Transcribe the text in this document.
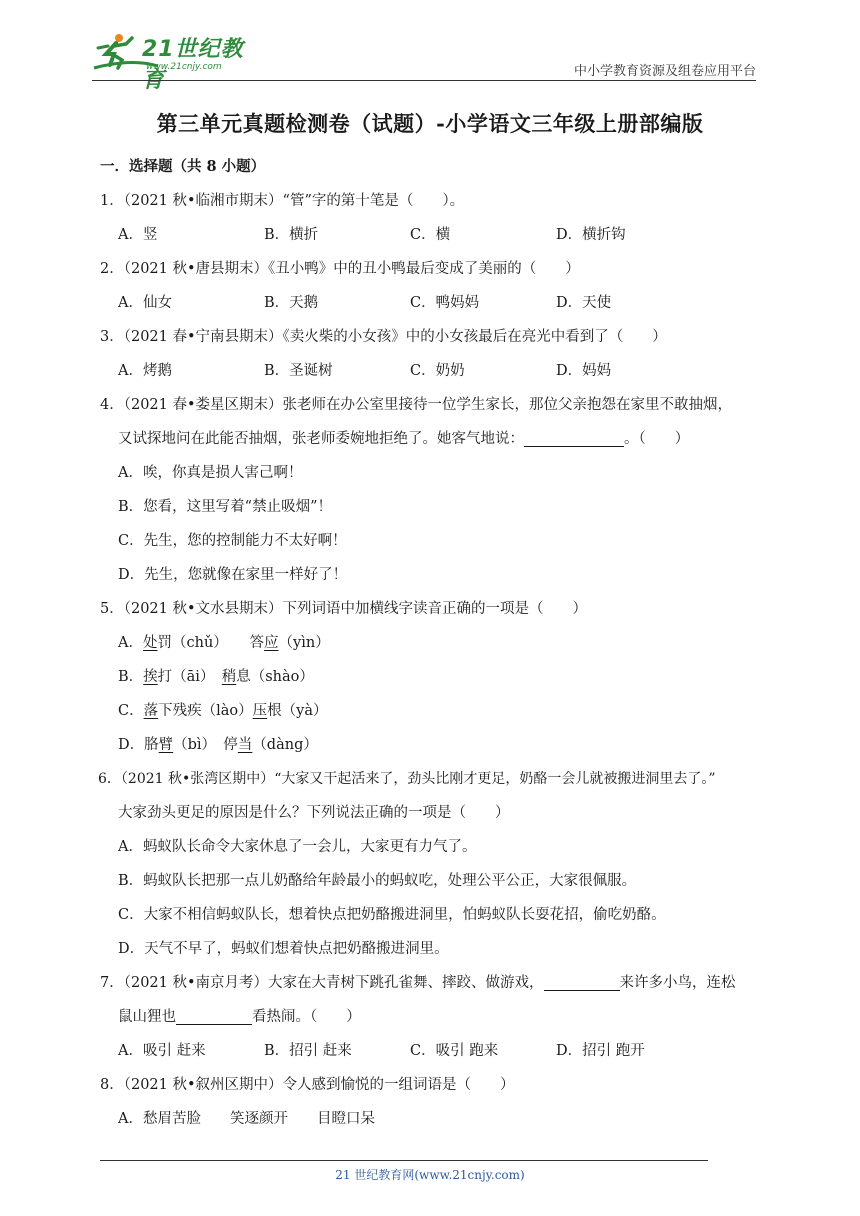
21世纪教育
www.21cnjy.com	中小学教育资源及组卷应用平台
第三单元真题检测卷（试题）-小学语文三年级上册部编版
一．选择题（共 8 小题）
1．（2021 秋•临湘市期末）“管”字的第十笔是（　　）。
A．竖	B．横折	C．横	D．横折钩
2．（2021 秋•唐县期末）《丑小鸭》中的丑小鸭最后变成了美丽的（　　）
A．仙女	B．天鹅	C．鸭妈妈	D．天使
3．（2021 春•宁南县期末）《卖火柴的小女孩》中的小女孩最后在亮光中看到了（　　）
A．烤鹅	B．圣诞树	C．奶奶	D．妈妈
4．（2021 春•娄星区期末）张老师在办公室里接待一位学生家长，那位父亲抱怨在家里不敢抽烟，
又试探地问在此能否抽烟，张老师委婉地拒绝了。她客气地说：	。（　　）
A．唉，你真是损人害己啊！
B．您看，这里写着“禁止吸烟”！
C．先生，您的控制能力不太好啊！
D．先生，您就像在家里一样好了！
5．（2021 秋•文水县期末）下列词语中加横线字读音正确的一项是（　　）
A．处罚（chǔ）　　答应（yìn）
B．挨打（āi）　稍息（shào）
C．落下残疾（lào）压根（yà）
D．胳臂（bì）　停当（dàng）
6．（2021 秋•张湾区期中）“大家又干起活来了，劲头比刚才更足，奶酪一会儿就被搬进洞里去了。”
大家劲头更足的原因是什么？下列说法正确的一项是（　　）
A．蚂蚁队长命令大家休息了一会儿，大家更有力气了。
B．蚂蚁队长把那一点儿奶酪给年龄最小的蚂蚁吃，处理公平公正，大家很佩服。
C．大家不相信蚂蚁队长，想着快点把奶酪搬进洞里，怕蚂蚁队长耍花招，偷吃奶酪。
D．天气不早了，蚂蚁们想着快点把奶酪搬进洞里。
7．（2021 秋•南京月考）大家在大青树下跳孔雀舞、摔跤、做游戏，	来许多小鸟，连松
鼠山狸也	看热闹。（　　）
A．吸引 赶来	B．招引 赶来	C．吸引 跑来	D．招引 跑开
8．（2021 秋•叙州区期中）令人感到愉悦的一组词语是（　　）
A．愁眉苦脸　　笑逐颜开　　目瞪口呆
21 世纪教育网(www.21cnjy.com)
